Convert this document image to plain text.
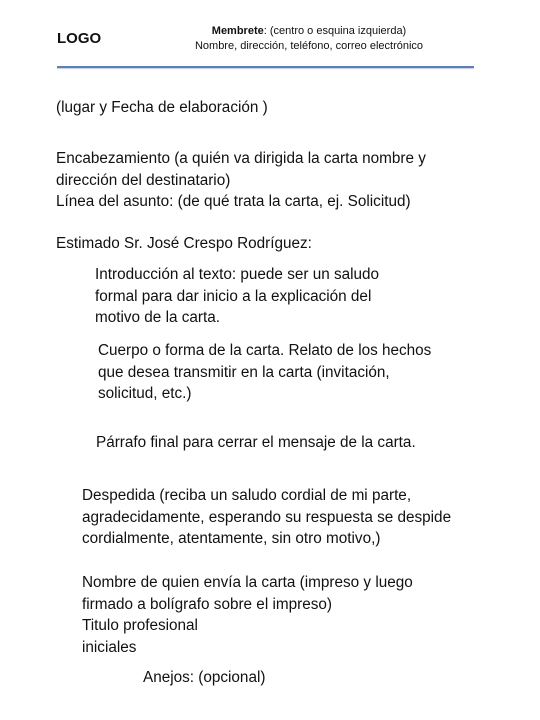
LOGO	Membrete: (centro o esquina izquierda)
Nombre, dirección, teléfono, correo electrónico
(lugar y Fecha de elaboración )
Encabezamiento (a quién va dirigida la carta nombre y
dirección del destinatario)
Línea del asunto: (de qué trata la carta, ej. Solicitud)
Estimado Sr. José Crespo Rodríguez:
Introducción al texto: puede ser un saludo
formal para dar inicio a la explicación del
motivo de la carta.
Cuerpo o forma de la carta. Relato de los hechos
que desea transmitir en la carta (invitación,
solicitud, etc.)
Párrafo final para cerrar el mensaje de la carta.
Despedida (reciba un saludo cordial de mi parte,
agradecidamente, esperando su respuesta se despide
cordialmente, atentamente, sin otro motivo,)
Nombre de quien envía la carta (impreso y luego
firmado a bolígrafo sobre el impreso)
Titulo profesional
iniciales
Anejos: (opcional)
